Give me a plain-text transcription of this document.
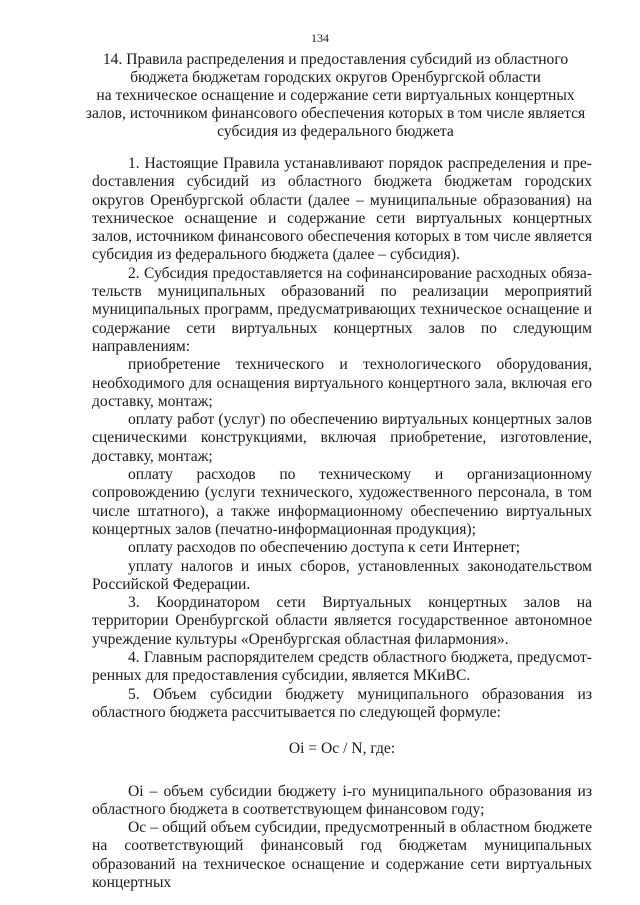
134
14. Правила распределения и предоставления субсидий из областного
бюджета бюджетам городских округов Оренбургской области
на техническое оснащение и содержание сети виртуальных концертных
залов, источником финансового обеспечения которых в том числе является
субсидия из федерального бюджета

1. Настоящие Правила устанавливают порядок распределения и преdоставления субсидий из областного бюджета бюджетам городских округов Оренбургской области (далее – муниципальные образования) на техническое оснащение и содержание сети виртуальных концертных залов, источником финансового обеспечения которых в том числе является субсидия из федерального бюджета (далее – субсидия).

2. Субсидия предоставляется на софинансирование расходных обязательств муниципальных образований по реализации мероприятий муниципальных программ, предусматривающих техническое оснащение и содержание сети виртуальных концертных залов по следующим направлениям:

приобретение технического и технологического оборудования, необходимого для оснащения виртуального концертного зала, включая его доставку, монтаж;

оплату работ (услуг) по обеспечению виртуальных концертных залов сценическими конструкциями, включая приобретение, изготовление, доставку, монтаж;

оплату расходов по техническому и организационному сопровождению (услуги технического, художественного персонала, в том числе штатного), а также информационному обеспечению виртуальных концертных залов (печатно-информационная продукция);

оплату расходов по обеспечению доступа к сети Интернет;

уплату налогов и иных сборов, установленных законодательством Российской Федерации.

3. Координатором сети Виртуальных концертных залов на территории Оренбургской области является государственное автономное учреждение культуры «Оренбургская областная филармония».

4. Главным распорядителем средств областного бюджета, предусмотренных для предоставления субсидии, является МКиВС.

5. Объем субсидии бюджету муниципального образования из областного бюджета рассчитывается по следующей формуле:

Oi = Oc / N, где:

Oi – объем субсидии бюджету i-го муниципального образования из областного бюджета в соответствующем финансовом году;

Oc – общий объем субсидии, предусмотренный в областном бюджете на соответствующий финансовый год бюджетам муниципальных образований на техническое оснащение и содержание сети виртуальных концертных
